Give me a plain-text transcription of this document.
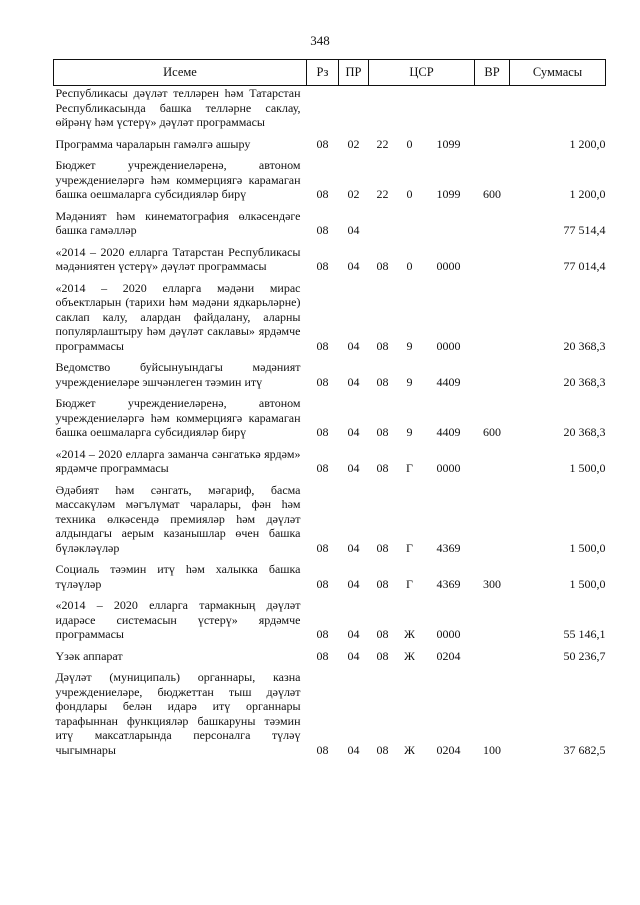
348
Исеме	Рз	ПР	ЦСР			ВР	Суммасы
Республикасы дәүләт телләрен һәм Татарстан Республикасында башка телләрне саклау, өйрәнү һәм үстерү» дәүләт программасы							
Программа чараларын гамәлгә ашыру	08	02	22	0	1099		1 200,0
Бюджет учреждениеләренә, автоном учреждениеләргә һәм коммерциягә карамаган башка оешмаларга субсидияләр бирү	08	02	22	0	1099	600	1 200,0
Мәдәният һәм кинематография өлкәсендәге башка гамәлләр	08	04					77 514,4
«2014 – 2020 елларга Татарстан Республикасы мәдәниятен үстерү» дәүләт программасы	08	04	08	0	0000		77 014,4
«2014 – 2020 елларга мәдәни мирас объектларын (тарихи һәм мәдәни ядкарьләрне) саклап калу, алардан файдалану, аларны популярлаштыру һәм дәүләт саклавы» ярдәмче программасы	08	04	08	9	0000		20 368,3
Ведомство буйсынуындагы мәдәният учреждениеләре эшчәнлеген тәэмин итү	08	04	08	9	4409		20 368,3
Бюджет учреждениеләренә, автоном учреждениеләргә һәм коммерциягә карамаган башка оешмаларга субсидияләр бирү	08	04	08	9	4409	600	20 368,3
«2014 – 2020 елларга заманча сәнгатькә ярдәм» ярдәмче программасы	08	04	08	Г	0000		1 500,0
Әдәбият һәм сәнгать, мәгариф, басма массакүләм мәгълүмат чаралары, фән һәм техника өлкәсендә премияләр һәм дәүләт алдындагы аерым казанышлар өчен башка бүләкләүләр	08	04	08	Г	4369		1 500,0
Социаль тәэмин итү һәм халыкка башка түләүләр	08	04	08	Г	4369	300	1 500,0
«2014 – 2020 елларга тармакның дәүләт идарәсе системасын үстерү» ярдәмче программасы	08	04	08	Ж	0000		55 146,1
Үзәк аппарат	08	04	08	Ж	0204		50 236,7
Дәүләт (муниципаль) органнары, казна учреждениеләре, бюджеттан тыш дәүләт фондлары белән идарә итү органнары тарафыннан функцияләр башкаруны тәэмин итү максатларында персоналга түләү чыгымнары	08	04	08	Ж	0204	100	37 682,5
